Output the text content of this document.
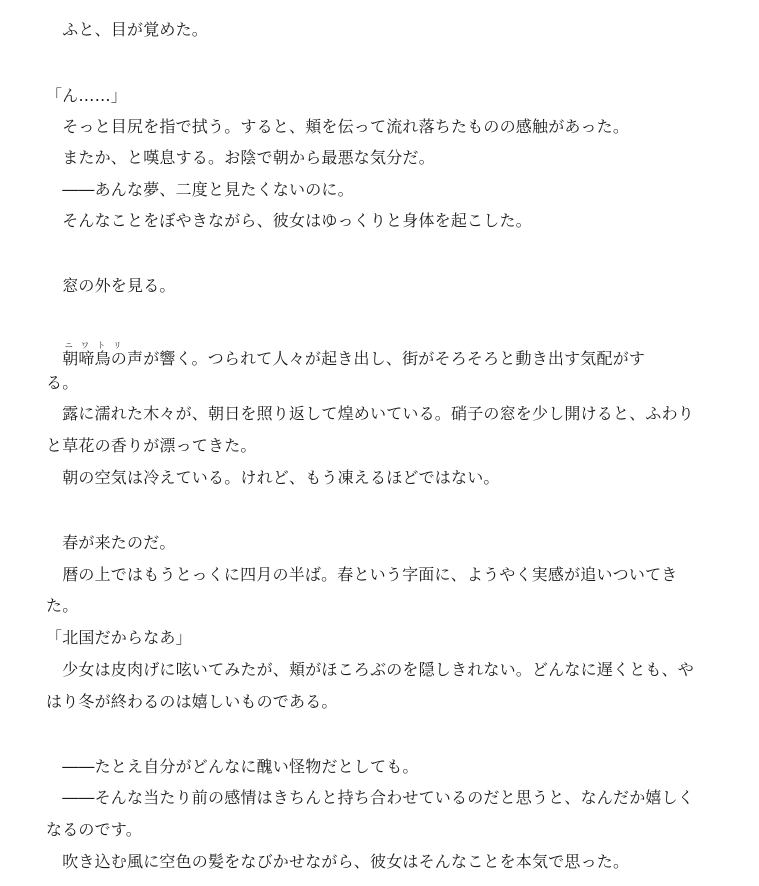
　ふと、目が覚めた。
「ん……」
　そっと目尻を指で拭う。すると、頬を伝って流れ落ちたものの感触があった。
　またか、と嘆息する。お陰で朝から最悪な気分だ。
　――あんな夢、二度と見たくないのに。
　そんなことをぼやきながら、彼女はゆっくりと身体を起こした。
　窓の外を見る。
　朝啼鳥のニワトリ声が響く。つられて人々が起き出し、街がそろそろと動き出す気配がす
る。
　露に濡れた木々が、朝日を照り返して煌めいている。硝子の窓を少し開けると、ふわり
と草花の香りが漂ってきた。
　朝の空気は冷えている。けれど、もう凍えるほどではない。
　春が来たのだ。
　暦の上ではもうとっくに四月の半ば。春という字面に、ようやく実感が追いついてき
た。
「北国だからなあ」
　少女は皮肉げに呟いてみたが、頬がほころぶのを隠しきれない。どんなに遅くとも、や
はり冬が終わるのは嬉しいものである。
　――たとえ自分がどんなに醜い怪物だとしても。
　――そんな当たり前の感情はきちんと持ち合わせているのだと思うと、なんだか嬉しく
なるのです。
　吹き込む風に空色の髪をなびかせながら、彼女はそんなことを本気で思った。
